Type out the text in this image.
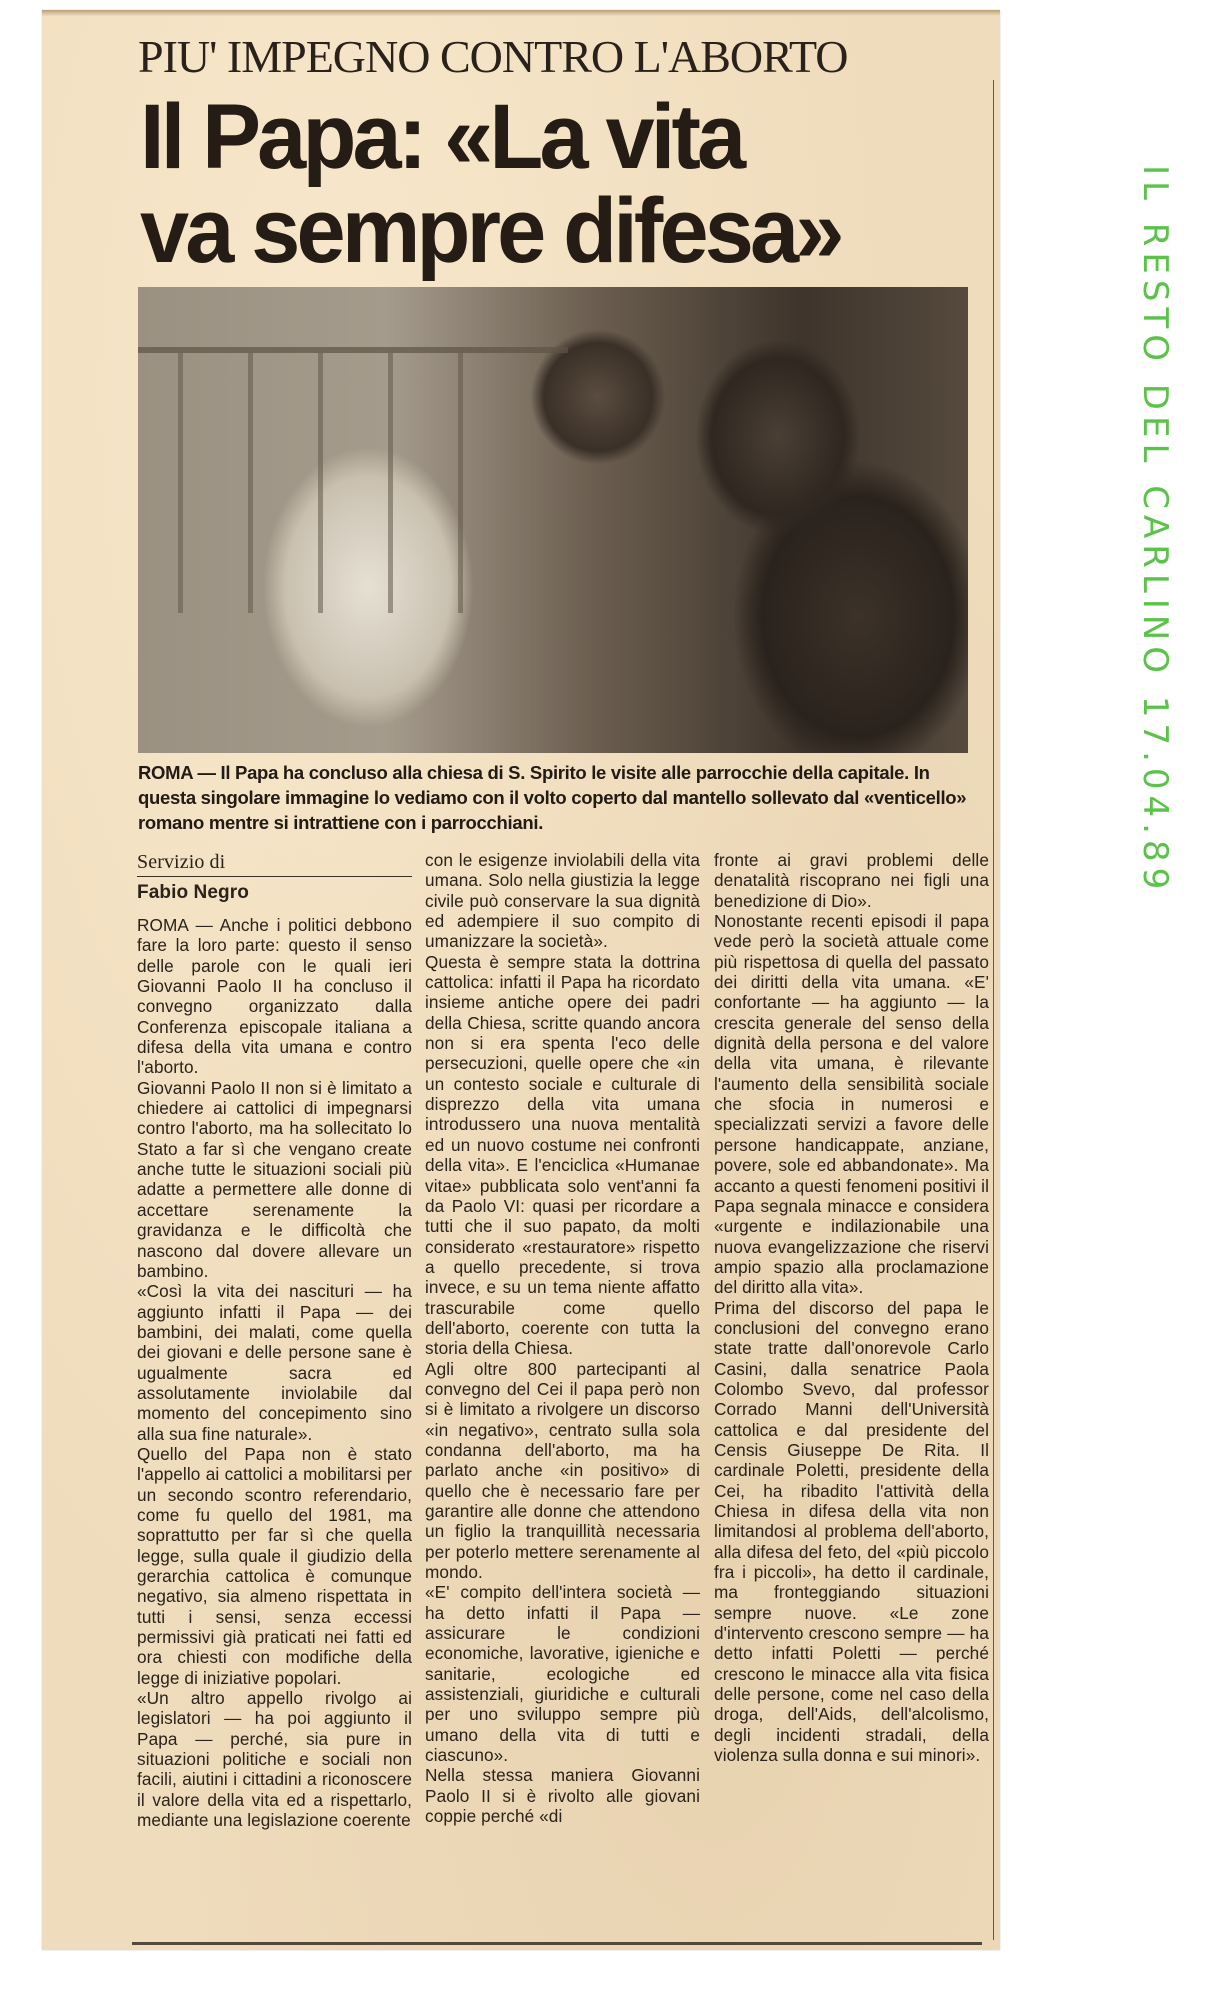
PIU' IMPEGNO CONTRO L'ABORTO
Il Papa: «La vita
va sempre difesa»
ROMA — Il Papa ha concluso alla chiesa di S. Spirito le visite alle parrocchie della capitale. In questa singolare immagine lo vediamo con il volto coperto dal mantello sollevato dal «venticello» romano mentre si intrattiene con i parrocchiani.
Servizio di
Fabio Negro

ROMA — Anche i politici debbono fare la loro parte: questo il senso delle parole con le quali ieri Giovanni Paolo II ha concluso il convegno organizzato dalla Conferenza episcopale italiana a difesa della vita umana e contro l'aborto.

Giovanni Paolo II non si è limitato a chiedere ai cattolici di impegnarsi contro l'aborto, ma ha sollecitato lo Stato a far sì che vengano create anche tutte le situazioni sociali più adatte a permettere alle donne di accettare serenamente la gravidanza e le difficoltà che nascono dal dovere allevare un bambino.

«Così la vita dei nascituri — ha aggiunto infatti il Papa — dei bambini, dei malati, come quella dei giovani e delle persone sane è ugualmente sacra ed assolutamente inviolabile dal momento del concepimento sino alla sua fine naturale».

Quello del Papa non è stato l'appello ai cattolici a mobilitarsi per un secondo scontro referendario, come fu quello del 1981, ma soprattutto per far sì che quella legge, sulla quale il giudizio della gerarchia cattolica è comunque negativo, sia almeno rispettata in tutti i sensi, senza eccessi permissivi già praticati nei fatti ed ora chiesti con modifiche della legge di iniziative popolari.

«Un altro appello rivolgo ai legislatori — ha poi aggiunto il Papa — perché, sia pure in situazioni politiche e sociali non facili, aiutini i cittadini a riconoscere il valore della vita ed a rispettarlo, mediante una legislazione coerente

con le esigenze inviolabili della vita umana. Solo nella giustizia la legge civile può conservare la sua dignità ed adempiere il suo compito di umanizzare la società».

Questa è sempre stata la dottrina cattolica: infatti il Papa ha ricordato insieme antiche opere dei padri della Chiesa, scritte quando ancora non si era spenta l'eco delle persecuzioni, quelle opere che «in un contesto sociale e culturale di disprezzo della vita umana introdussero una nuova mentalità ed un nuovo costume nei confronti della vita». E l'enciclica «Humanae vitae» pubblicata solo vent'anni fa da Paolo VI: quasi per ricordare a tutti che il suo papato, da molti considerato «restauratore» rispetto a quello precedente, si trova invece, e su un tema niente affatto trascurabile come quello dell'aborto, coerente con tutta la storia della Chiesa.

Agli oltre 800 partecipanti al convegno del Cei il papa però non si è limitato a rivolgere un discorso «in negativo», centrato sulla sola condanna dell'aborto, ma ha parlato anche «in positivo» di quello che è necessario fare per garantire alle donne che attendono un figlio la tranquillità necessaria per poterlo mettere serenamente al mondo.

«E' compito dell'intera società — ha detto infatti il Papa — assicurare le condizioni economiche, lavorative, igieniche e sanitarie, ecologiche ed assistenziali, giuridiche e culturali per uno sviluppo sempre più umano della vita di tutti e ciascuno».

Nella stessa maniera Giovanni Paolo II si è rivolto alle giovani coppie perché «di

fronte ai gravi problemi delle denatalità riscoprano nei figli una benedizione di Dio».

Nonostante recenti episodi il papa vede però la società attuale come più rispettosa di quella del passato dei diritti della vita umana. «E' confortante — ha aggiunto — la crescita generale del senso della dignità della persona e del valore della vita umana, è rilevante l'aumento della sensibilità sociale che sfocia in numerosi e specializzati servizi a favore delle persone handicappate, anziane, povere, sole ed abbandonate». Ma accanto a questi fenomeni positivi il Papa segnala minacce e considera «urgente e indilazionabile una nuova evangelizzazione che riservi ampio spazio alla proclamazione del diritto alla vita».

Prima del discorso del papa le conclusioni del convegno erano state tratte dall'onorevole Carlo Casini, dalla senatrice Paola Colombo Svevo, dal professor Corrado Manni dell'Università cattolica e dal presidente del Censis Giuseppe De Rita. Il cardinale Poletti, presidente della Cei, ha ribadito l'attività della Chiesa in difesa della vita non limitandosi al problema dell'aborto, alla difesa del feto, del «più piccolo fra i piccoli», ha detto il cardinale, ma fronteggiando situazioni sempre nuove. «Le zone d'intervento crescono sempre — ha detto infatti Poletti — perché crescono le minacce alla vita fisica delle persone, come nel caso della droga, dell'Aids, dell'alcolismo, degli incidenti stradali, della violenza sulla donna e sui minori».

IL RESTO DEL CARLINO 17.04.89
